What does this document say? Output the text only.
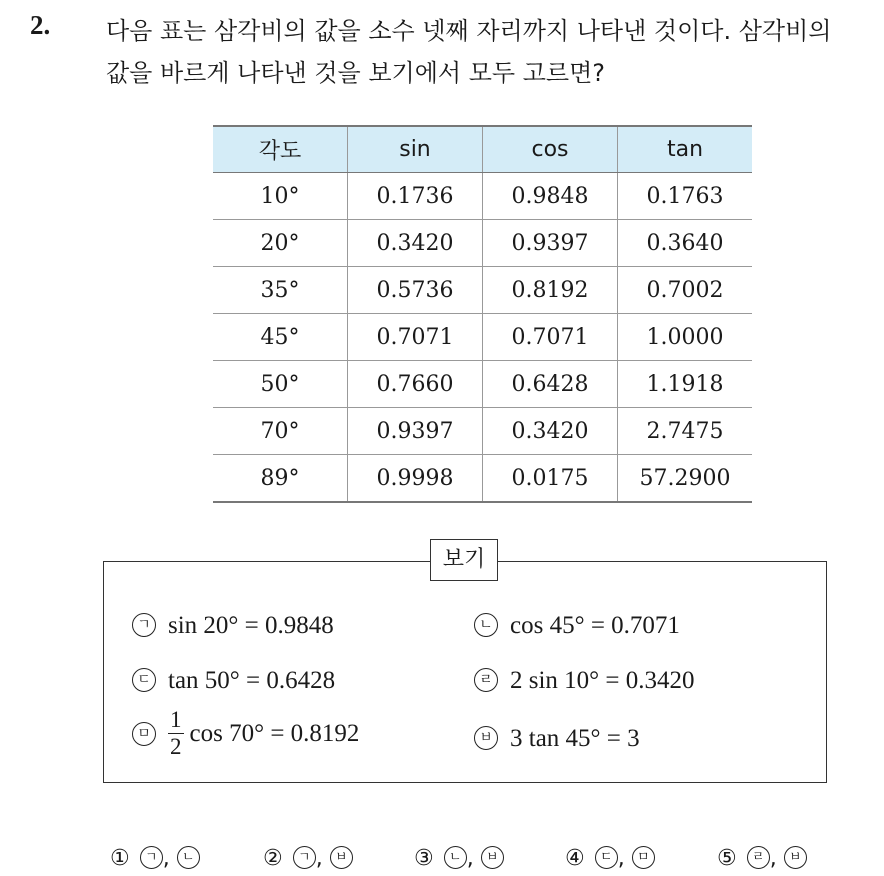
2. 다음 표는 삼각비의 값을 소수 넷째 자리까지 나타낸 것이다. 삼각비의
값을 바르게 나타낸 것을 보기에서 모두 고르면?
각도	sin	cos	tan
10°	0.1736	0.9848	0.1763
20°	0.3420	0.9397	0.3640
35°	0.5736	0.8192	0.7002
45°	0.7071	0.7071	1.0000
50°	0.7660	0.6428	1.1918
70°	0.9397	0.3420	2.7475
89°	0.9998	0.0175	57.2900
보기
ㄱ sin 20° = 0.9848	ㄴ cos 45° = 0.7071
ㄷ tan 50° = 0.6428	ㄹ 2 sin 10° = 0.3420
ㅁ $\frac{1}{2}$ cos 70° = 0.8192	ㅂ 3 tan 45° = 3
① ㄱ , ㄴ	② ㄱ , ㅂ	③ ㄴ , ㅂ	④ ㄷ , ㅁ	⑤ ㄹ , ㅂ
